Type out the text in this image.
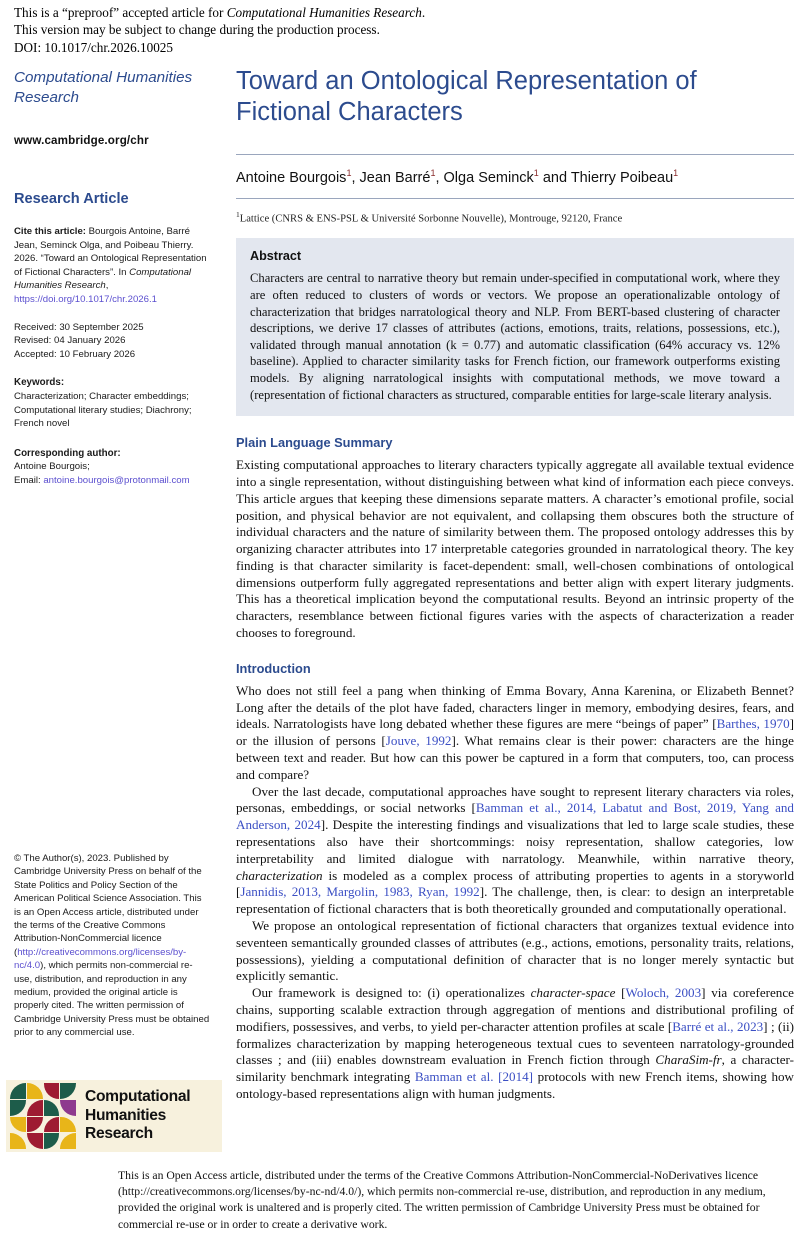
This is a “preproof” accepted article for Computational Humanities Research.
This version may be subject to change during the production process.
DOI: 10.1017/chr.2026.10025
Computational Humanities Research
www.cambridge.org/chr
Research Article
Cite this article: Bourgois Antoine, Barré Jean, Seminck Olga, and Poibeau Thierry. 2026. “Toward an Ontological Representation of Fictional Characters”. In Computational Humanities Research, https://doi.org/10.1017/chr.2026.1
Received: 30 September 2025
Revised: 04 January 2026
Accepted: 10 February 2026
Keywords:
Characterization; Character embeddings; Computational literary studies; Diachrony; French novel
Corresponding author:
Antoine Bourgois;
Email: antoine.bourgois@protonmail.com
© The Author(s), 2023. Published by Cambridge University Press on behalf of the State Politics and Policy Section of the American Political Science Association. This is an Open Access article, distributed under the terms of the Creative Commons Attribution-NonCommercial licence (http://creativecommons.org/licenses/by-nc/4.0), which permits non-commercial re-use, distribution, and reproduction in any medium, provided the original article is properly cited. The written permission of Cambridge University Press must be obtained prior to any commercial use.
Computational
Humanities
Research
Toward an Ontological Representation of Fictional Characters
Antoine Bourgois$^1$, Jean Barré$^1$, Olga Seminck$^1$ and Thierry Poibeau$^1$
$^1$Lattice (CNRS & ENS-PSL & Université Sorbonne Nouvelle), Montrouge, 92120, France
Abstract

Characters are central to narrative theory but remain under-specified in computational work, where they are often reduced to clusters of words or vectors. We propose an operationalizable ontology of characterization that bridges narratological theory and NLP. From BERT-based clustering of character descriptions, we derive 17 classes of attributes (actions, emotions, traits, relations, possessions, etc.), validated through manual annotation (k = 0.77) and automatic classification (64% accuracy vs. 12% baseline). Applied to character similarity tasks for French fiction, our framework outperforms existing models. By aligning narratological insights with computational methods, we move toward a (representation of fictional characters as structured, comparable entities for large-scale literary analysis.

Plain Language Summary

Existing computational approaches to literary characters typically aggregate all available textual evidence into a single representation, without distinguishing between what kind of information each piece conveys. This article argues that keeping these dimensions separate matters. A character’s emotional profile, social position, and physical behavior are not equivalent, and collapsing them obscures both the structure of individual characters and the nature of similarity between them. The proposed ontology addresses this by organizing character attributes into 17 interpretable categories grounded in narratological theory. The key finding is that character similarity is facet-dependent: small, well-chosen combinations of ontological dimensions outperform fully aggregated representations and better align with expert literary judgments. This has a theoretical implication beyond the computational results. Beyond an intrinsic property of the characters, resemblance between fictional figures varies with the aspects of characterization a reader chooses to foreground.

Introduction

Who does not still feel a pang when thinking of Emma Bovary, Anna Karenina, or Elizabeth Bennet? Long after the details of the plot have faded, characters linger in memory, embodying desires, fears, and ideals. Narratologists have long debated whether these figures are mere “beings of paper” [Barthes, 1970] or the illusion of persons [Jouve, 1992]. What remains clear is their power: characters are the hinge between text and reader. But how can this power be captured in a form that computers, too, can process and compare?

Over the last decade, computational approaches have sought to represent literary characters via roles, personas, embeddings, or social networks [Bamman et al., 2014, Labatut and Bost, 2019, Yang and Anderson, 2024]. Despite the interesting findings and visualizations that led to large scale studies, these representations also have their shortcommings: noisy representation, shallow categories, low interpretability and limited dialogue with narratology. Meanwhile, within narrative theory, characterization is modeled as a complex process of attributing properties to agents in a storyworld [Jannidis, 2013, Margolin, 1983, Ryan, 1992]. The challenge, then, is clear: to design an interpretable representation of fictional characters that is both theoretically grounded and computationally operational.

We propose an ontological representation of fictional characters that organizes textual evidence into seventeen semantically grounded classes of attributes (e.g., actions, emotions, personality traits, relations, possessions), yielding a computational definition of character that is no longer merely syntactic but explicitly semantic.

Our framework is designed to: (i) operationalizes character-space [Woloch, 2003] via coreference chains, supporting scalable extraction through aggregation of mentions and distributional profiling of modifiers, possessives, and verbs, to yield per-character attention profiles at scale [Barré et al., 2023] ; (ii) formalizes characterization by mapping heterogeneous textual cues to seventeen narratology-grounded classes ; and (iii) enables downstream evaluation in French fiction through CharaSim-fr, a character-similarity benchmark integrating Bamman et al. [2014] protocols with new French items, showing how ontology-based representations align with human judgments.

This is an Open Access article, distributed under the terms of the Creative Commons Attribution-NonCommercial-NoDerivatives licence (http://creativecommons.org/licenses/by-nc-nd/4.0/), which permits non-commercial re-use, distribution, and reproduction in any medium, provided the original work is unaltered and is properly cited. The written permission of Cambridge University Press must be obtained for commercial re-use or in order to create a derivative work.
